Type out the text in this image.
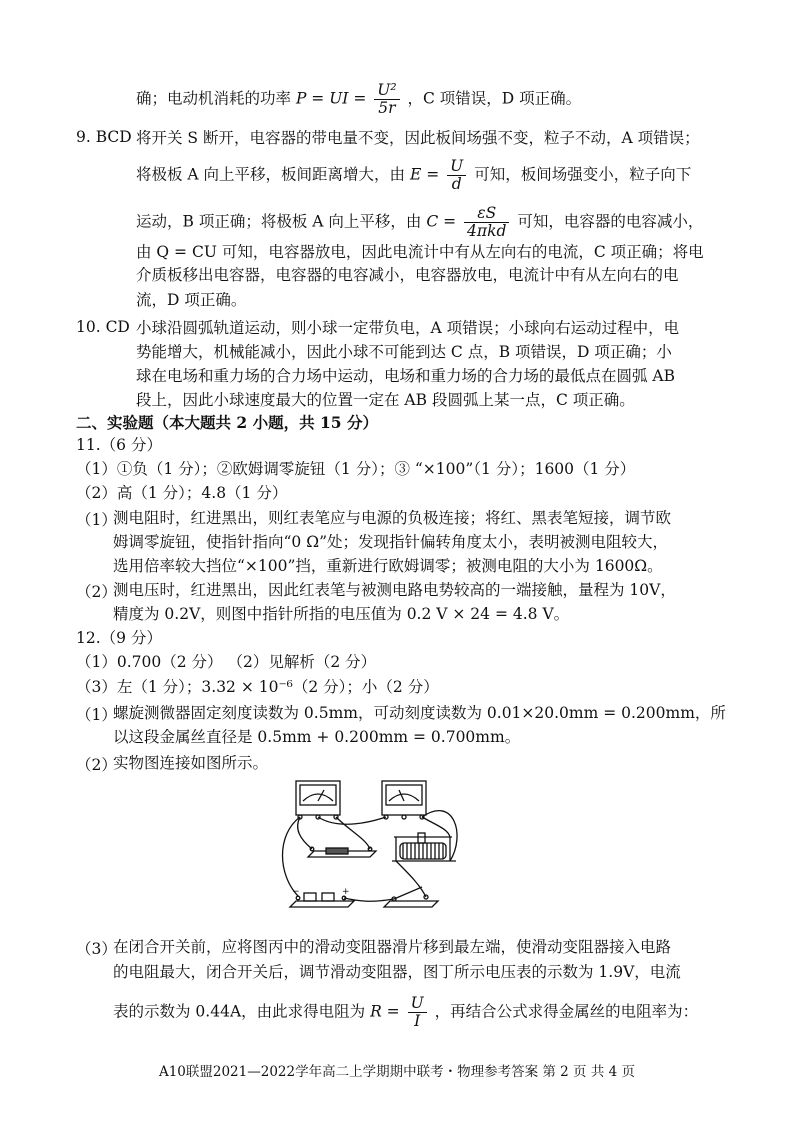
确；电动机消耗的功率 P = UI = $\frac{\text{U²}}{5r}$ ，C 项错误，D 项正确。
9. BCD 将开关 S 断开，电容器的带电量不变，因此板间场强不变，粒子不动，A 项错误；
将极板 A 向上平移，板间距离增大，由 $E = \frac{U}{d}$ 可知，板间场强变小，粒子向下
运动，B 项正确；将极板 A 向上平移，由 $C = \frac{\varepsilon S}{\text{4πkd}}$ 可知，电容器的电容减小，
由 Q = CU 可知，电容器放电，因此电流计中有从左向右的电流，C 项正确；将电
介质板移出电容器，电容器的电容减小，电容器放电，电流计中有从左向右的电
流，D 项正确。
10. CD 小球沿圆弧轨道运动，则小球一定带负电，A 项错误；小球向右运动过程中，电
势能增大，机械能减小，因此小球不可能到达 C 点，B 项错误，D 项正确；小
球在电场和重力场的合力场中运动，电场和重力场的合力场的最低点在圆弧 AB
段上，因此小球速度最大的位置一定在 AB 段圆弧上某一点，C 项正确。
二、实验题（本大题共 2 小题，共 15 分）
11.（6 分）
（1）①负（1 分）；②欧姆调零旋钮（1 分）；③ “×100”（1 分）；1600（1 分）
（2）高（1 分）；4.8（1 分）
（1）
测电阻时，红进黑出，则红表笔应与电源的负极连接；将红、黑表笔短接，调节欧
姆调零旋钮，使指针指向“0 Ω”处；发现指针偏转角度太小，表明被测电阻较大，
选用倍率较大挡位“×100”挡，重新进行欧姆调零；被测电阻的大小为 1600Ω。
（2）
测电压时，红进黑出，因此红表笔与被测电路电势较高的一端接触，量程为 10V，
精度为 0.2V，则图中指针所指的电压值为 0.2 V × 24 = 4.8 V。
12.（9 分）
（1）0.700（2 分） （2）见解析（2 分）
（3）左（1 分）；3.32 × 10⁻⁶（2 分）；小（2 分）
（1）
螺旋测微器固定刻度读数为 0.5mm，可动刻度读数为 0.01×20.0mm = 0.200mm，所
以这段金属丝直径是 0.5mm + 0.200mm = 0.700mm。
（2）
实物图连接如图所示。
−	+
（3）
在闭合开关前，应将图丙中的滑动变阻器滑片移到最左端，使滑动变阻器接入电路
的电阻最大，闭合开关后，调节滑动变阻器，图丁所示电压表的示数为 1.9V，电流
表的示数为 0.44A，由此求得电阻为 $R = \frac{U}{I}$ ，再结合公式求得金属丝的电阻率为：
A10联盟2021—2022学年高二上学期期中联考・物理参考答案 第 2 页 共 4 页
